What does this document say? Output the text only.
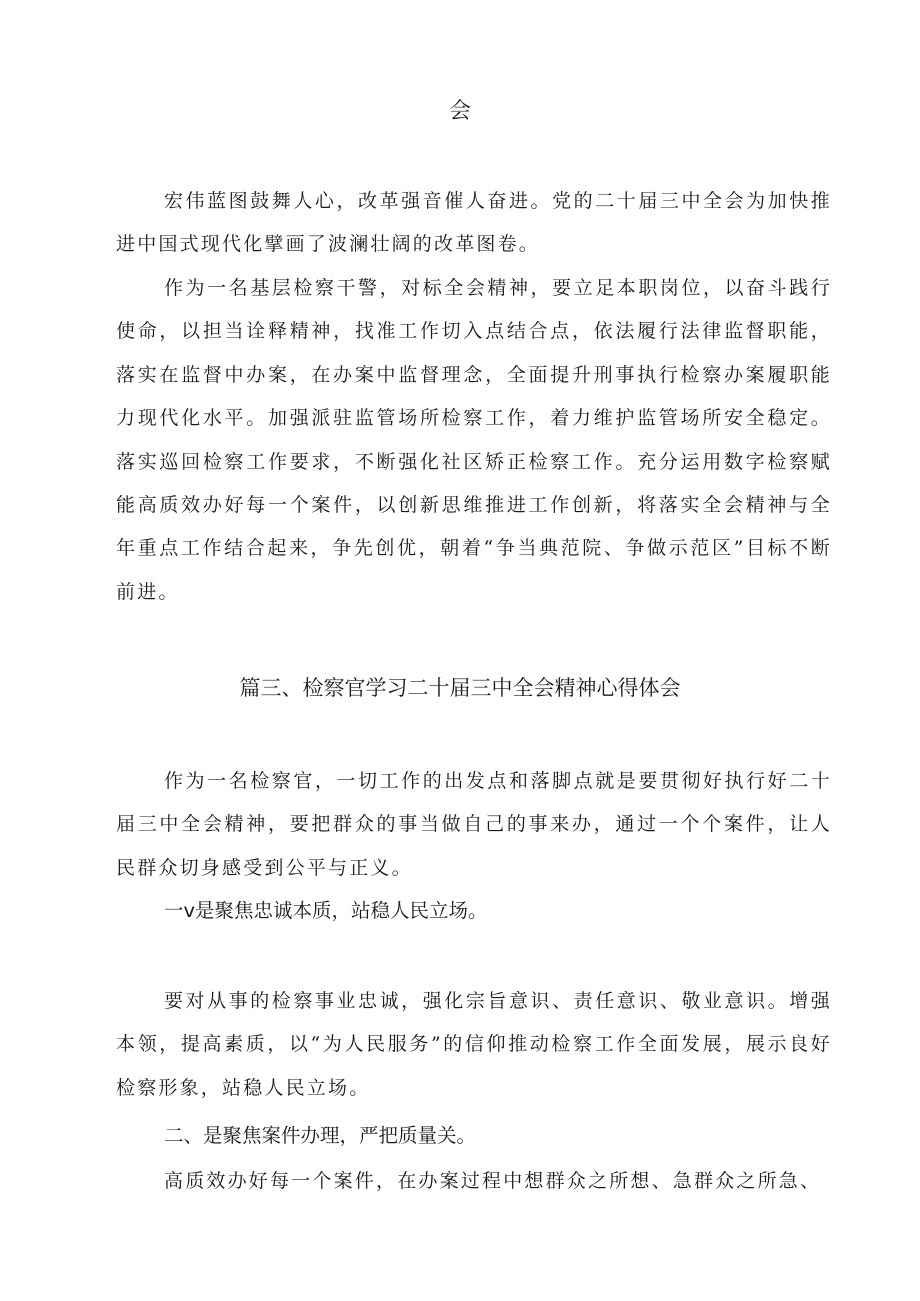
会

宏伟蓝图鼓舞人心，改革强音催人奋进。党的二十届三中全会为加快推进中国式现代化擘画了波澜壮阔的改革图卷。

作为一名基层检察干警，对标全会精神，要立足本职岗位，以奋斗践行使命，以担当诠释精神，找准工作切入点结合点，依法履行法律监督职能，落实在监督中办案，在办案中监督理念，全面提升刑事执行检察办案履职能力现代化水平。加强派驻监管场所检察工作，着力维护监管场所安全稳定。落实巡回检察工作要求，不断强化社区矫正检察工作。充分运用数字检察赋能高质效办好每一个案件，以创新思维推进工作创新，将落实全会精神与全年重点工作结合起来，争先创优，朝着“争当典范院、争做示范区”目标不断前进。

篇三、检察官学习二十届三中全会精神心得体会

作为一名检察官，一切工作的出发点和落脚点就是要贯彻好执行好二十届三中全会精神，要把群众的事当做自己的事来办，通过一个个案件，让人民群众切身感受到公平与正义。

一v是聚焦忠诚本质，站稳人民立场。

要对从事的检察事业忠诚，强化宗旨意识、责任意识、敬业意识。增强本领，提高素质，以“为人民服务”的信仰推动检察工作全面发展，展示良好检察形象，站稳人民立场。

二、是聚焦案件办理，严把质量关。

高质效办好每一个案件，在办案过程中想群众之所想、急群众之所急、
